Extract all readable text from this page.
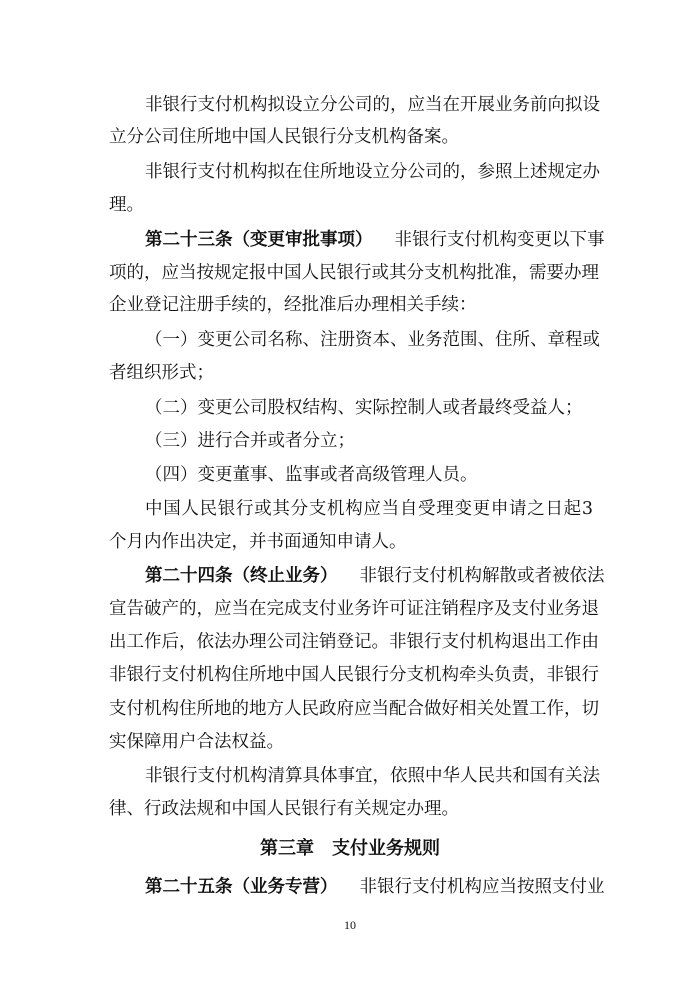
非银行支付机构拟设立分公司的，应当在开展业务前向拟设
立分公司住所地中国人民银行分支机构备案。
非银行支付机构拟在住所地设立分公司的，参照上述规定办
理。
第二十三条（变更审批事项） 非银行支付机构变更以下事
项的，应当按规定报中国人民银行或其分支机构批准，需要办理
企业登记注册手续的，经批准后办理相关手续：
（一）变更公司名称、注册资本、业务范围、住所、章程或
者组织形式；
（二）变更公司股权结构、实际控制人或者最终受益人；
（三）进行合并或者分立；
（四）变更董事、监事或者高级管理人员。
中国人民银行或其分支机构应当自受理变更申请之日起3
个月内作出决定，并书面通知申请人。
第二十四条（终止业务） 非银行支付机构解散或者被依法
宣告破产的，应当在完成支付业务许可证注销程序及支付业务退
出工作后，依法办理公司注销登记。非银行支付机构退出工作由
非银行支付机构住所地中国人民银行分支机构牵头负责，非银行
支付机构住所地的地方人民政府应当配合做好相关处置工作，切
实保障用户合法权益。
非银行支付机构清算具体事宜，依照中华人民共和国有关法
律、行政法规和中国人民银行有关规定办理。
第三章　支付业务规则
第二十五条（业务专营） 非银行支付机构应当按照支付业
10
